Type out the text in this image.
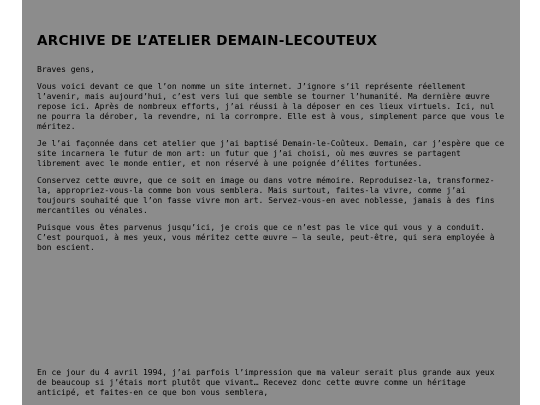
ARCHIVE DE L’ATELIER DEMAIN-LECOUTEUX

Braves gens,

Vous voici devant ce que l’on nomme un site internet. J’ignore s’il représente réellement l’avenir, mais aujourd’hui, c’est vers lui que semble se tourner l’humanité. Ma dernière œuvre repose ici. Après de nombreux efforts, j’ai réussi à la déposer en ces lieux virtuels. Ici, nul ne pourra la dérober, la revendre, ni la corrompre. Elle est à vous, simplement parce que vous le méritez.

Je l’ai façonnée dans cet atelier que j’ai baptisé Demain-le-Coûteux. Demain, car j’espère que ce site incarnera le futur de mon art: un futur que j’ai choisi, où mes œuvres se partagent librement avec le monde entier, et non réservé à une poignée d’élites fortunées.

Conservez cette œuvre, que ce soit en image ou dans votre mémoire. Reproduisez-la, transformez-la, appropriez-vous-la comme bon vous semblera. Mais surtout, faites-la vivre, comme j’ai toujours souhaité que l’on fasse vivre mon art. Servez-vous-en avec noblesse, jamais à des fins mercantiles ou vénales.

Puisque vous êtes parvenus jusqu’ici, je crois que ce n’est pas le vice qui vous y a conduit. C’est pourquoi, à mes yeux, vous méritez cette œuvre — la seule, peut-être, qui sera employée à bon escient.

En ce jour du 4 avril 1994, j’ai parfois l’impression que ma valeur serait plus grande aux yeux de beaucoup si j’étais mort plutôt que vivant… Recevez donc cette œuvre comme un héritage anticipé, et faites-en ce que bon vous semblera,
